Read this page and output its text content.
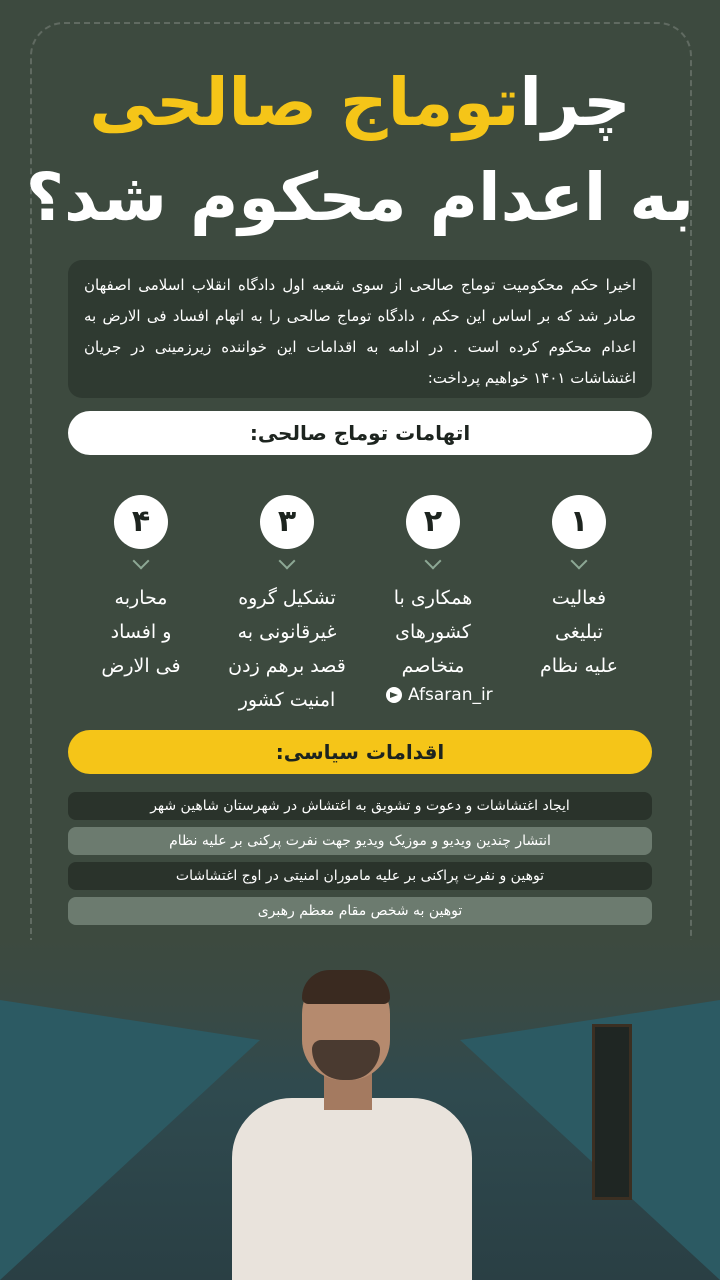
چراتوماج صالحی
به اعدام محکوم شد؟
اخیرا حکم محکومیت توماج صالحی از سوی شعبه اول دادگاه انقلاب اسلامی اصفهان صادر شد که بر اساس این حکم ، دادگاه توماج صالحی را به اتهام افساد فی الارض به اعدام محکوم کرده است . در ادامه به اقدامات این خواننده زیرزمینی در جریان اغتشاشات ۱۴۰۱ خواهیم پرداخت:
اتهامات توماج صالحی:
۱
فعالیت
تبلیغی
علیه نظام
۲
همکاری با
کشورهای
متخاصم
۳
تشکیل گروه
غیرقانونی به
قصد برهم زدن
امنیت کشور
۴
محاربه
و افساد
فی الارض
Afsaran_ir
اقدامات سیاسی:
ایجاد اغتشاشات و دعوت و تشویق به اغتشاش در شهرستان شاهین شهر
انتشار چندین ویدیو و موزیک ویدیو جهت نفرت پرکنی بر علیه نظام
توهین و نفرت پراکنی بر علیه ماموران امنیتی در اوج اغتشاشات
توهین به شخص مقام معظم رهبری
